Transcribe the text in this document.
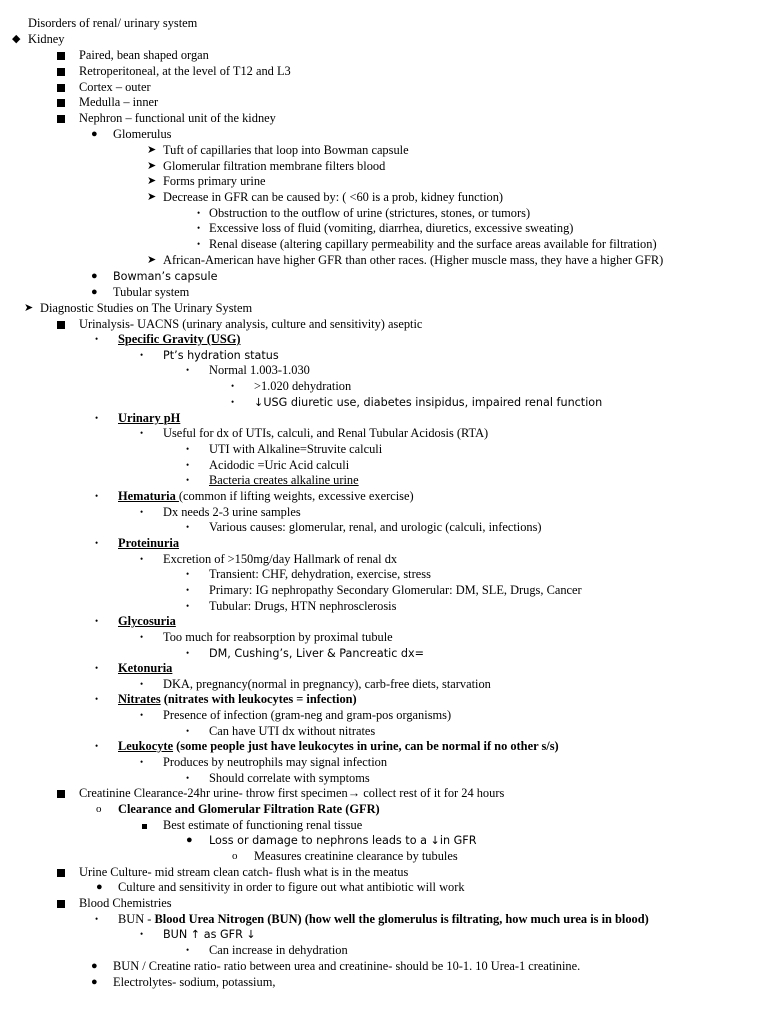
Disorders of renal/ urinary system
◆ Kidney
Paired, bean shaped organ
Retroperitoneal, at the level of T12 and L3
Cortex – outer
Medulla – inner
Nephron – functional unit of the kidney
● Glomerulus
➤ Tuft of capillaries that loop into Bowman capsule
➤ Glomerular filtration membrane filters blood
➤ Forms primary urine
➤ Decrease in GFR can be caused by: ( <60 is a prob, kidney function)
• Obstruction to the outflow of urine (strictures, stones, or tumors)
• Excessive loss of fluid (vomiting, diarrhea, diuretics, excessive sweating)
• Renal disease (altering capillary permeability and the surface areas available for filtration)
➤ African-American have higher GFR than other races. (Higher muscle mass, they have a higher GFR)
● Bowman’s capsule
● Tubular system
➤ Diagnostic Studies on The Urinary System
Urinalysis- UACNS (urinary analysis, culture and sensitivity) aseptic
• Specific Gravity (USG)
• Pt’s hydration status
• Normal 1.003-1.030
• >1.020 dehydration
• ↓USG diuretic use, diabetes insipidus, impaired renal function
• Urinary pH
• Useful for dx of UTIs, calculi, and Renal Tubular Acidosis (RTA)
• UTI with Alkaline=Struvite calculi
• Acidodic =Uric Acid calculi
• Bacteria creates alkaline urine
• Hematuria (common if lifting weights, excessive exercise)
• Dx needs 2-3 urine samples
• Various causes: glomerular, renal, and urologic (calculi, infections)
• Proteinuria
• Excretion of >150mg/day Hallmark of renal dx
• Transient: CHF, dehydration, exercise, stress
• Primary: IG nephropathy Secondary Glomerular: DM, SLE, Drugs, Cancer
• Tubular: Drugs, HTN nephrosclerosis
• Glycosuria
• Too much for reabsorption by proximal tubule
• DM, Cushing’s, Liver & Pancreatic dx=
• Ketonuria
• DKA, pregnancy(normal in pregnancy), carb-free diets, starvation
• Nitrates (nitrates with leukocytes = infection)
• Presence of infection (gram-neg and gram-pos organisms)
• Can have UTI dx without nitrates
• Leukocyte (some people just have leukocytes in urine, can be normal if no other s/s)
• Produces by neutrophils may signal infection
• Should correlate with symptoms
Creatinine Clearance-24hr urine- throw first specimen→ collect rest of it for 24 hours
o Clearance and Glomerular Filtration Rate (GFR)
Best estimate of functioning renal tissue
● Loss or damage to nephrons leads to a ↓in GFR
o Measures creatinine clearance by tubules
Urine Culture- mid stream clean catch- flush what is in the meatus
● Culture and sensitivity in order to figure out what antibiotic will work
Blood Chemistries
• BUN - Blood Urea Nitrogen (BUN) (how well the glomerulus is filtrating, how much urea is in blood)
• BUN ↑ as GFR ↓
• Can increase in dehydration
● BUN / Creatine ratio- ratio between urea and creatinine- should be 10-1. 10 Urea-1 creatinine.
● Electrolytes- sodium, potassium,
